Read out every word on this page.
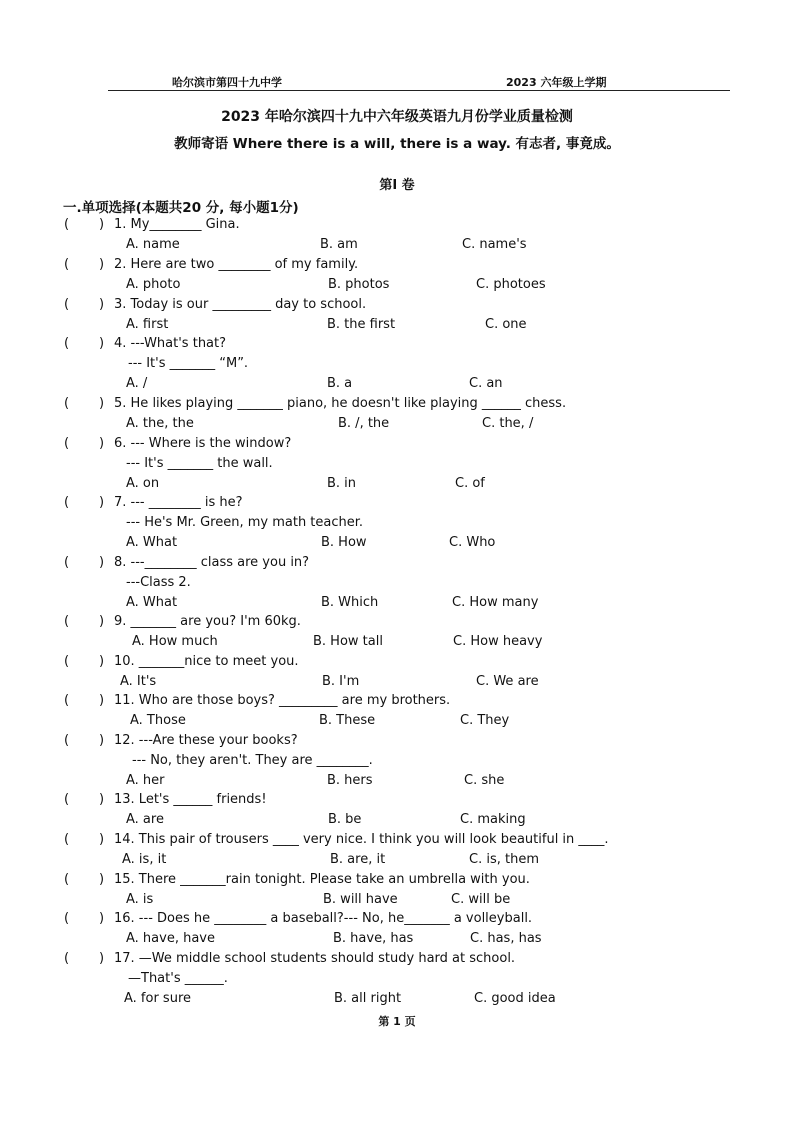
哈尔滨市第四十九中学	2023 六年级上学期
2023 年哈尔滨四十九中六年级英语九月份学业质量检测
教师寄语 Where there is a will, there is a way. 有志者, 事竟成。
第I 卷
一.单项选择(本题共20 分, 每小题1分)
( ) 1. My________ Gina.
A. name	B. am	C. name's
( ) 2. Here are two ________ of my family.
A. photo	B. photos	C. photoes
( ) 3. Today is our _________ day to school.
A. first	B. the first	C. one
( ) 4. ---What's that?
--- It's _______ “M”.
A. /	B. a	C. an
( ) 5. He likes playing _______ piano, he doesn't like playing ______ chess.
A. the, the	B. /, the	C. the, /
( ) 6. --- Where is the window?
--- It's _______ the wall.
A. on	B. in	C. of
( ) 7. --- ________ is he?
--- He's Mr. Green, my math teacher.
A. What	B. How	C. Who
( ) 8. ---________ class are you in?
---Class 2.
A. What	B. Which	C. How many
( ) 9. _______ are you? I'm 60kg.
A. How much	B. How tall	C. How heavy
( ) 10. _______nice to meet you.
A. It's	B. I'm	C. We are
( ) 11. Who are those boys? _________ are my brothers.
A. Those	B. These	C. They
( ) 12. ---Are these your books?
--- No, they aren't. They are ________.
A. her	B. hers	C. she
( ) 13. Let's ______ friends!
A. are	B. be	C. making
( ) 14. This pair of trousers ____ very nice. I think you will look beautiful in ____.
A. is, it	B. are, it	C. is, them
( ) 15. There _______rain tonight. Please take an umbrella with you.
A. is	B. will have	C. will be
( ) 16. --- Does he ________ a baseball?--- No, he_______ a volleyball.
A. have, have	B. have, has	C. has, has
( ) 17. —We middle school students should study hard at school.
—That's ______.
A. for sure	B. all right	C. good idea
第 1 页
